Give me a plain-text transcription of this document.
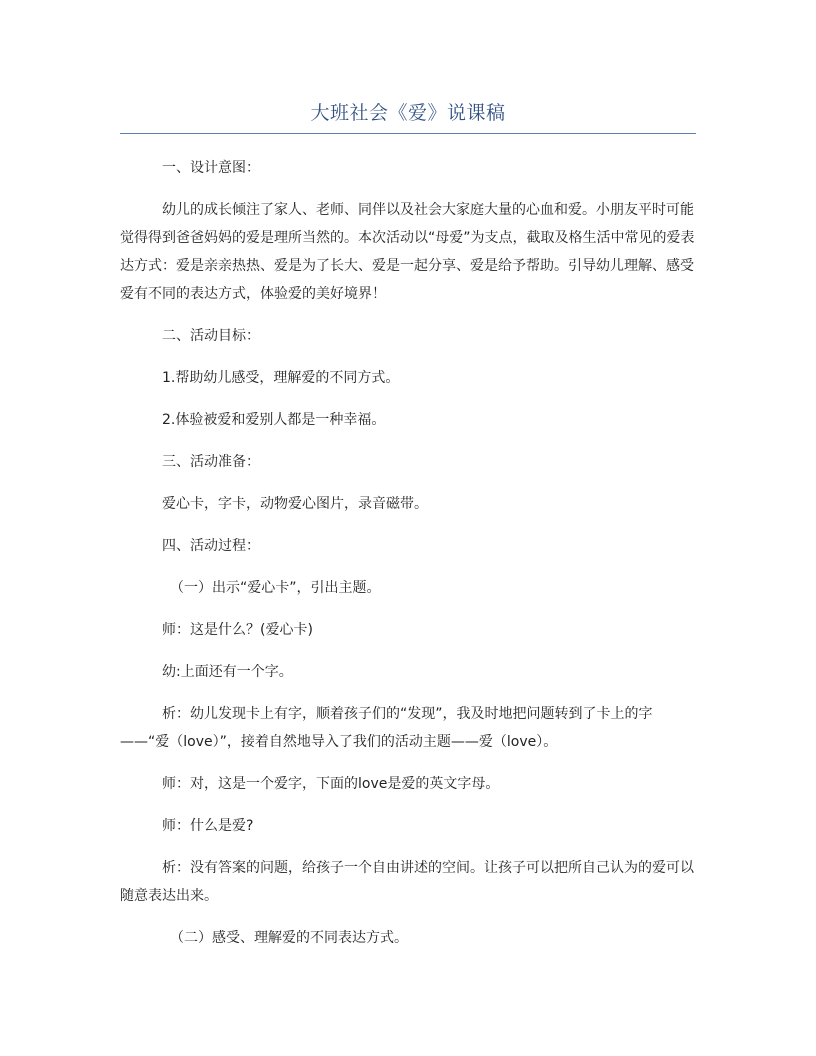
大班社会《爱》说课稿

一、设计意图：

幼儿的成长倾注了家人、老师、同伴以及社会大家庭大量的心血和爱。小朋友平时可能觉得得到爸爸妈妈的爱是理所当然的。本次活动以“母爱”为支点，截取及格生活中常见的爱表达方式：爱是亲亲热热、爱是为了长大、爱是一起分享、爱是给予帮助。引导幼儿理解、感受爱有不同的表达方式，体验爱的美好境界！

二、活动目标：

1.帮助幼儿感受，理解爱的不同方式。

2.体验被爱和爱别人都是一种幸福。

三、活动准备：

爱心卡，字卡，动物爱心图片，录音磁带。

四、活动过程：

（一）出示“爱心卡”，引出主题。

师：这是什么？(爱心卡)

幼:上面还有一个字。

析：幼儿发现卡上有字，顺着孩子们的“发现”，我及时地把问题转到了卡上的字——“爱（love）”，接着自然地导入了我们的活动主题——爱（love）。

师：对，这是一个爱字，下面的love是爱的英文字母。

师：什么是爱?

析：没有答案的问题，给孩子一个自由讲述的空间。让孩子可以把所自己认为的爱可以随意表达出来。

（二）感受、理解爱的不同表达方式。
